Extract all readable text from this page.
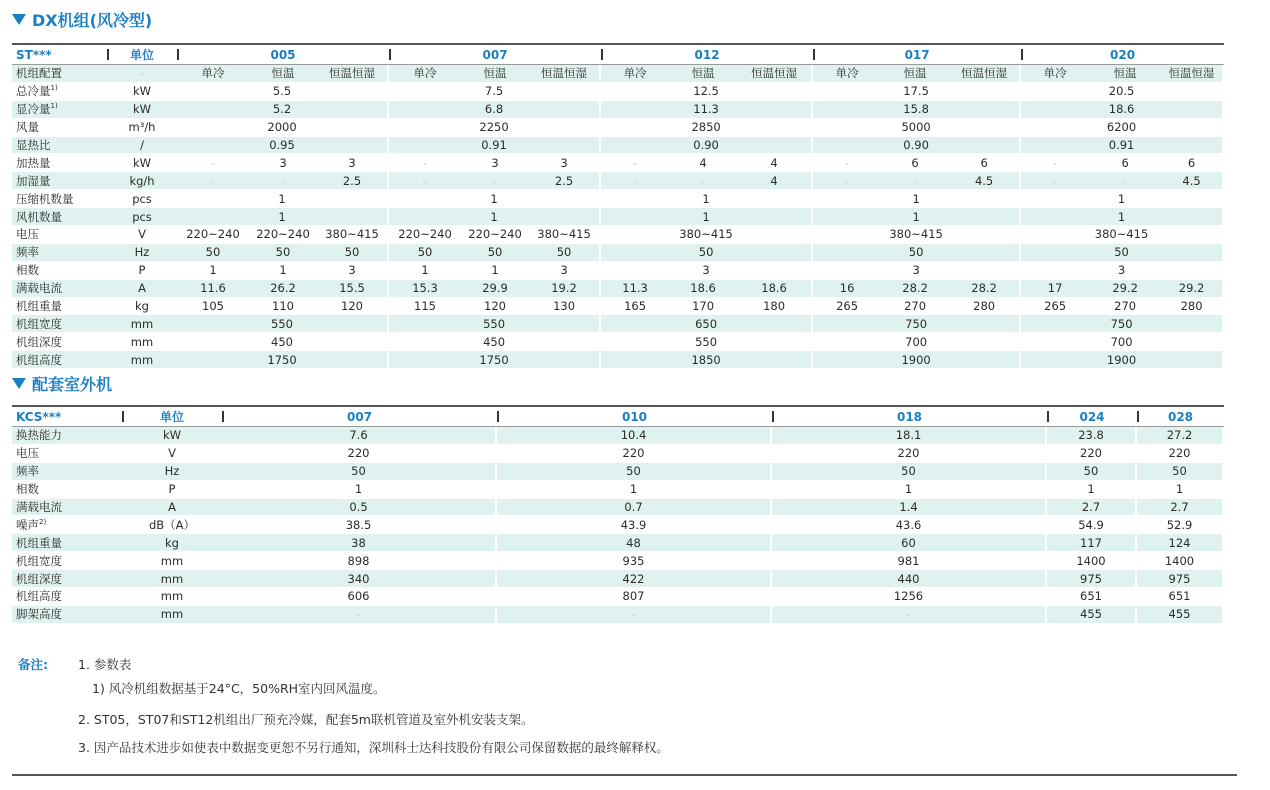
DX机组(风冷型)
ST***	单位	005			007			012			017			020		
机组配置	-	单冷	恒温	恒温恒湿	单冷	恒温	恒温恒湿	单冷	恒温	恒温恒湿	单冷	恒温	恒温恒湿	单冷	恒温	恒温恒湿
总冷量$^{1)}$	kW	5.5			7.5			12.5			17.5			20.5		
显冷量$^{1)}$	kW	5.2			6.8			11.3			15.8			18.6		
风量	m³/h	2000			2250			2850			5000			6200		
显热比	/	0.95			0.91			0.90			0.90			0.91		
加热量	kW	-	3	3	-	3	3	-	4	4	-	6	6	-	6	6
加湿量	kg/h	-	-	2.5	-	-	2.5	-	-	4	-	-	4.5	-	-	4.5
压缩机数量	pcs	1			1			1			1			1		
风机数量	pcs	1			1			1			1			1		
电压	V	220~240	220~240	380~415	220~240	220~240	380~415	380~415			380~415			380~415		
频率	Hz	50	50	50	50	50	50	50			50			50		
相数	P	1	1	3	1	1	3	3			3			3		
满载电流	A	11.6	26.2	15.5	15.3	29.9	19.2	11.3	18.6	18.6	16	28.2	28.2	17	29.2	29.2
机组重量	kg	105	110	120	115	120	130	165	170	180	265	270	280	265	270	280
机组宽度	mm	550			550			650			750			750		
机组深度	mm	450			450			550			700			700		
机组高度	mm	1750			1750			1850			1900			1900		
配套室外机
KCS***	单位	007	010	018	024	028
换热能力	kW	7.6	10.4	18.1	23.8	27.2
电压	V	220	220	220	220	220
频率	Hz	50	50	50	50	50
相数	P	1	1	1	1	1
满载电流	A	0.5	0.7	1.4	2.7	2.7
噪声$^{2)}$	dB（A）	38.5	43.9	43.6	54.9	52.9
机组重量	kg	38	48	60	117	124
机组宽度	mm	898	935	981	1400	1400
机组深度	mm	340	422	440	975	975
机组高度	mm	606	807	1256	651	651
脚架高度	mm	-	-	-	455	455
备注: 1. 参数表
1) 风冷机组数据基于24°C，50%RH室内回风温度。
2. ST05，ST07和ST12机组出厂预充冷媒，配套5m联机管道及室外机安装支架。
3. 因产品技术进步如使表中数据变更恕不另行通知，深圳科士达科技股份有限公司保留数据的最终解释权。
